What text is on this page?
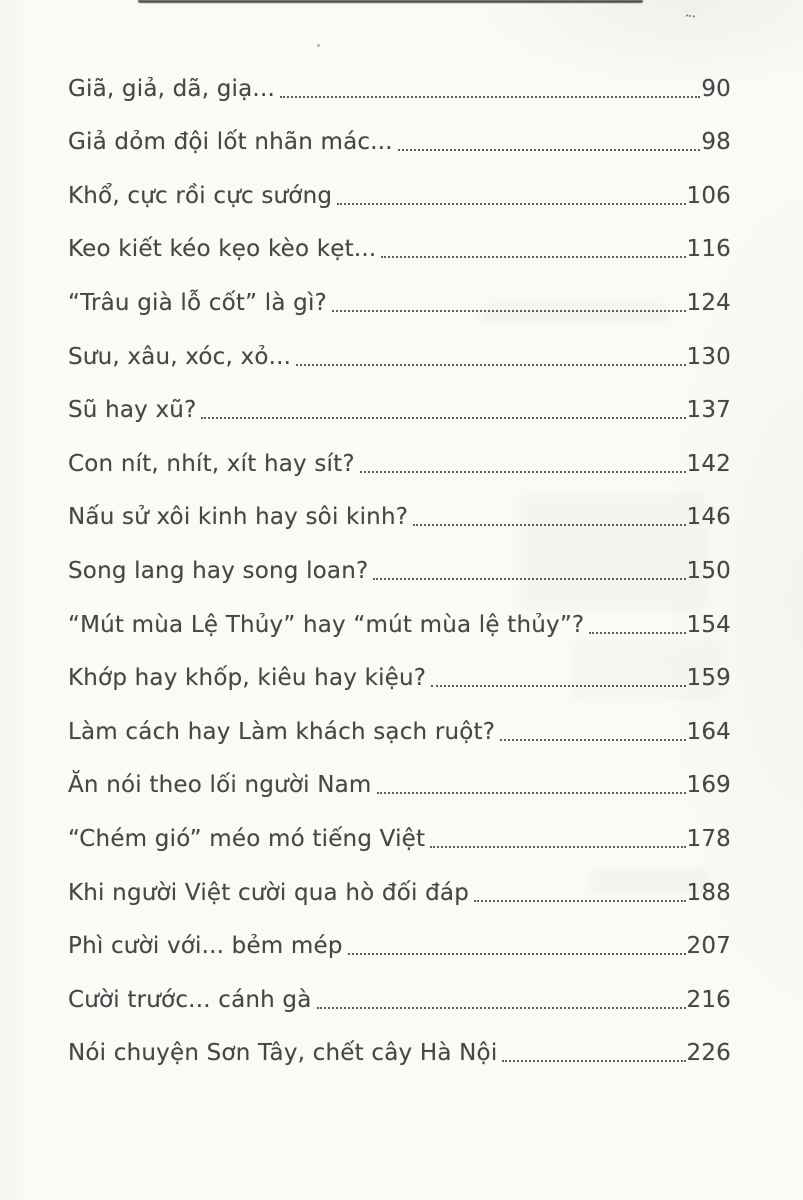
Giã, giả, dã, giạ...	90
Giả dỏm đội lốt nhãn mác...	98
Khổ, cực rồi cực sướng	106
Keo kiết kéo kẹo kèo kẹt...	116
“Trâu già lỗ cốt” là gì?	124
Sưu, xâu, xóc, xỏ...	130
Sũ hay xũ?	137
Con nít, nhít, xít hay sít?	142
Nấu sử xôi kinh hay sôi kinh?	146
Song lang hay song loan?	150
“Mút mùa Lệ Thủy” hay “mút mùa lệ thủy”?	154
Khớp hay khốp, kiêu hay kiệu?	159
Làm cách hay Làm khách sạch ruột?	164
Ăn nói theo lối người Nam	169
“Chém gió” méo mó tiếng Việt	178
Khi người Việt cười qua hò đối đáp	188
Phì cười với... bẻm mép	207
Cười trước... cánh gà	216
Nói chuyện Sơn Tây, chết cây Hà Nội	226
